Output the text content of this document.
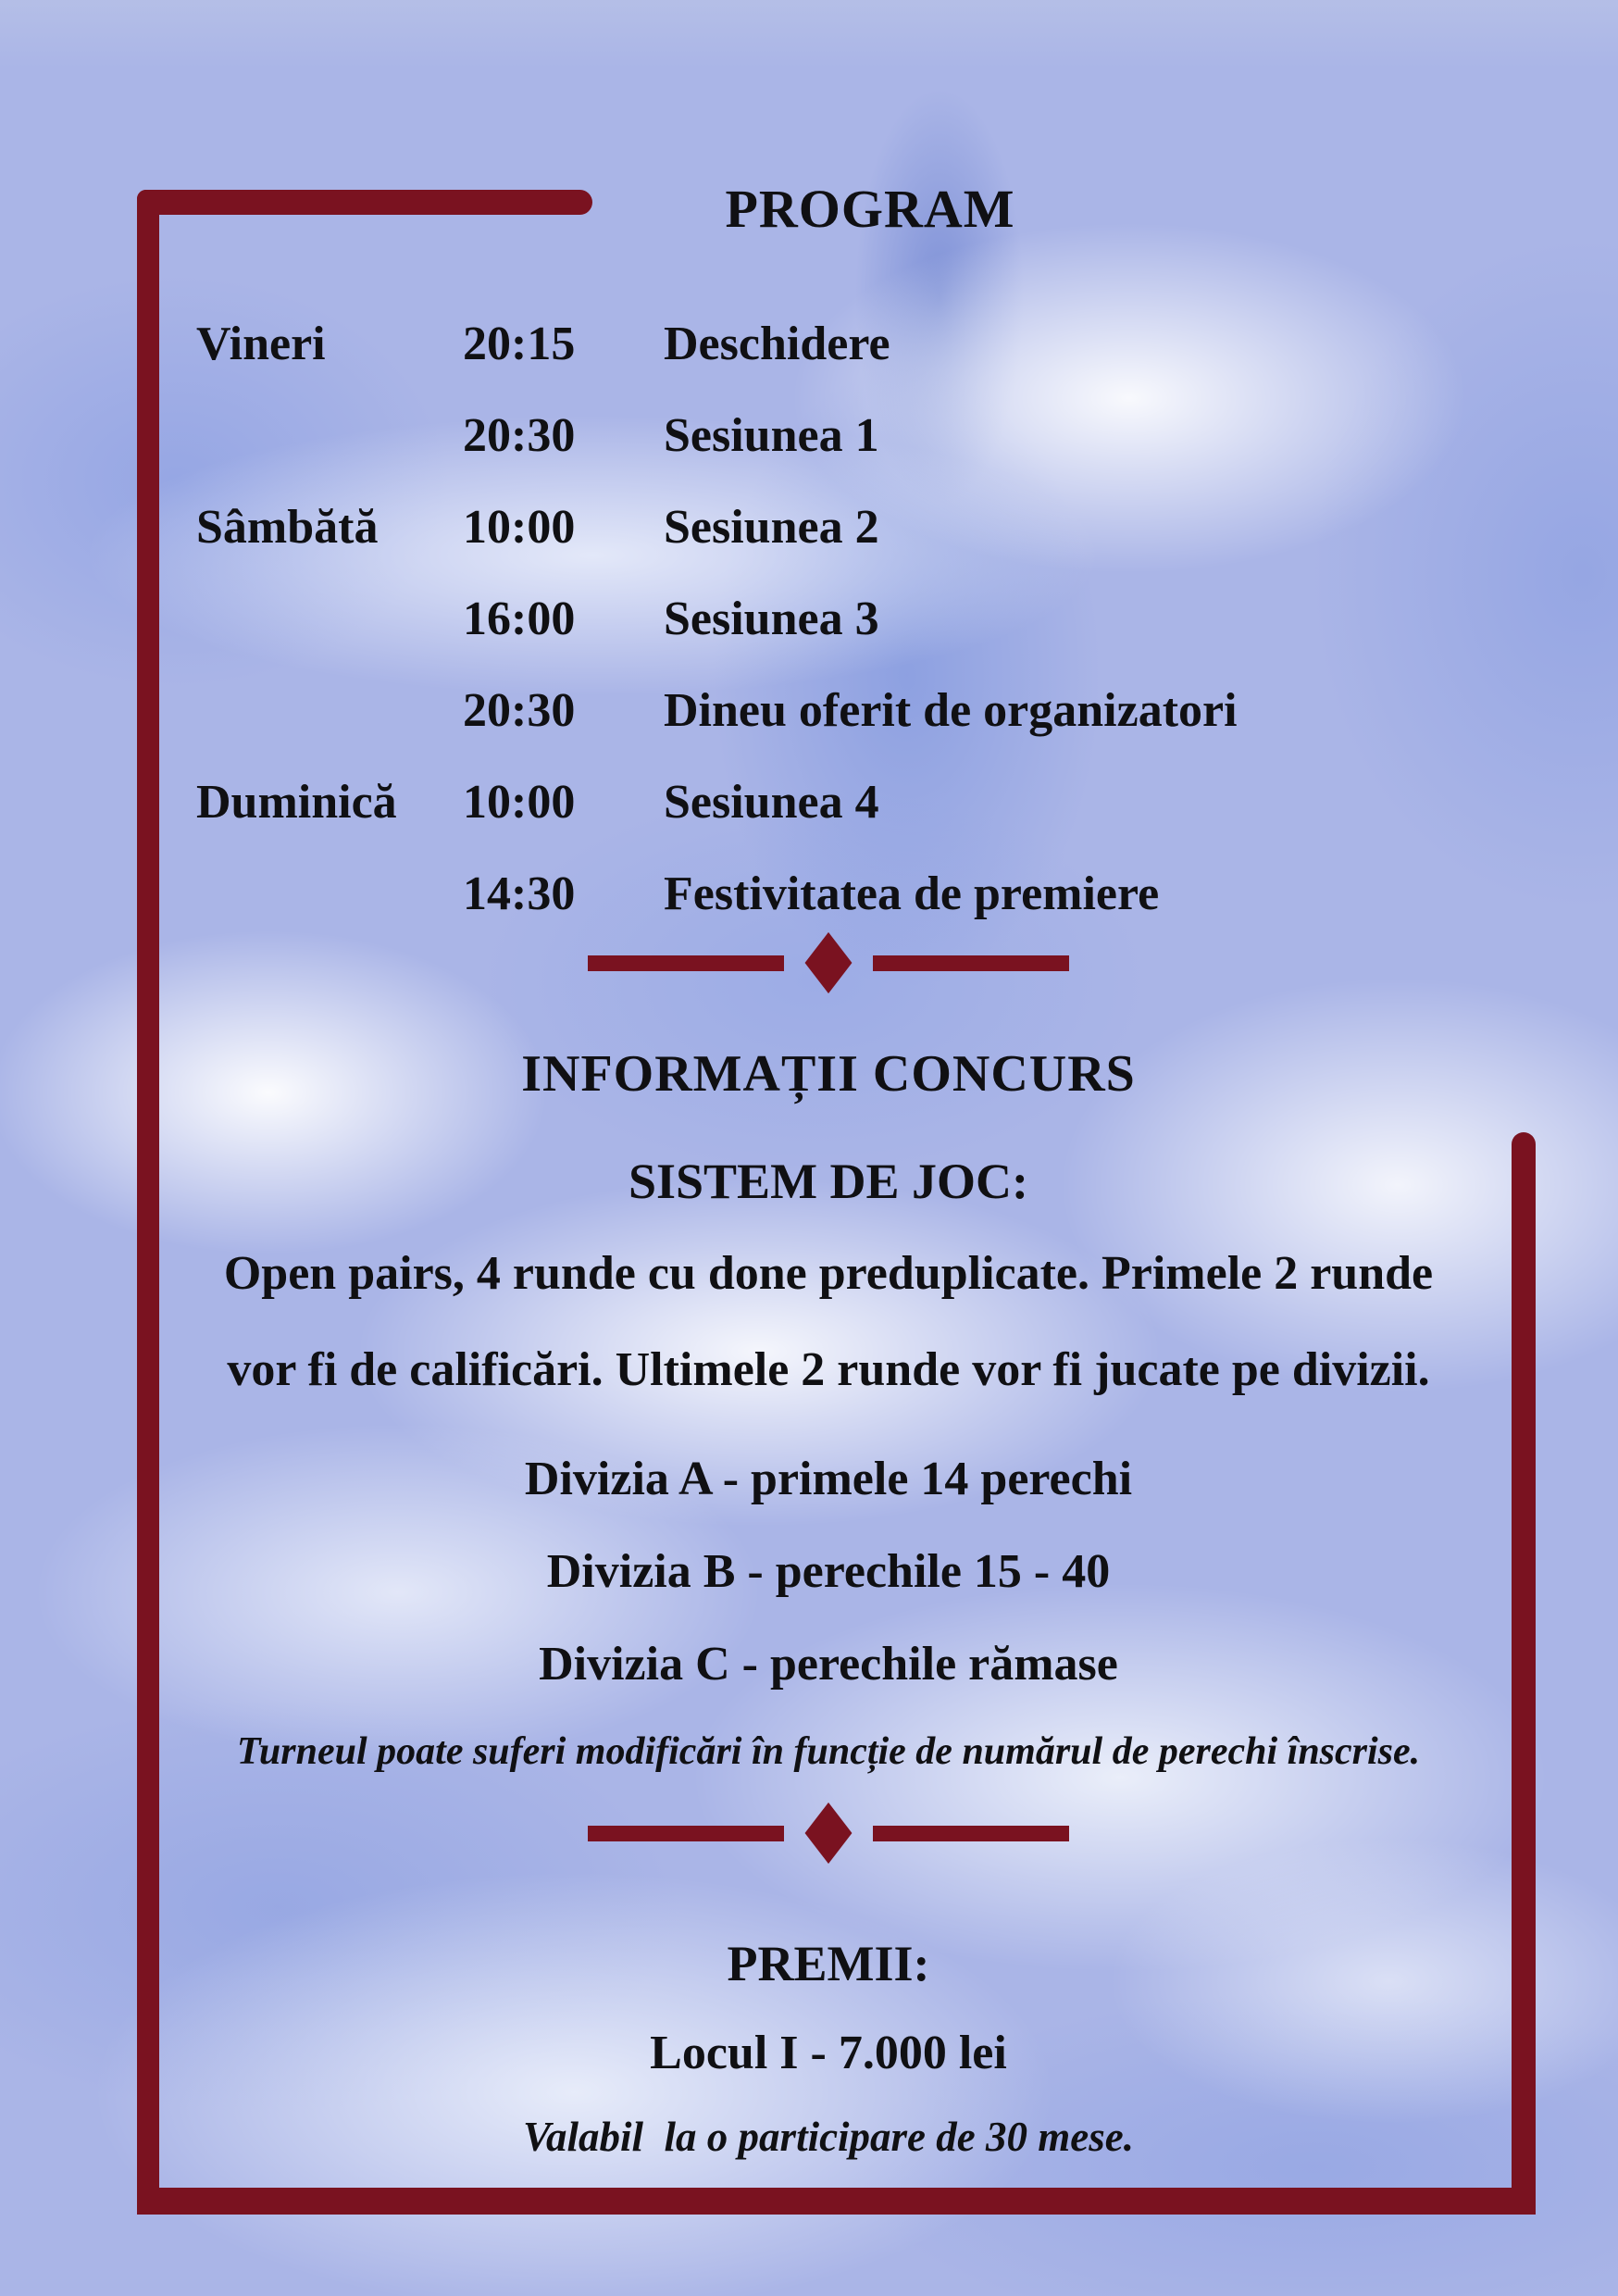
PROGRAM
Vineri	20:15	Deschidere
20:30	Sesiunea 1
Sâmbătă	10:00	Sesiunea 2
16:00	Sesiunea 3
20:30	Dineu oferit de organizatori
Duminică	10:00	Sesiunea 4
14:30	Festivitatea de premiere
INFORMAȚII CONCURS
SISTEM DE JOC:

Open pairs, 4 runde cu done preduplicate. Primele 2 runde
vor fi de calificări. Ultimele 2 runde vor fi jucate pe divizii.

Divizia A - primele 14 perechi
Divizia B - perechile 15 - 40
Divizia C - perechile rămase

Turneul poate suferi modificări în funcție de numărul de perechi înscrise.

PREMII:
Locul I - 7.000 lei

Valabil  la o participare de 30 mese.
